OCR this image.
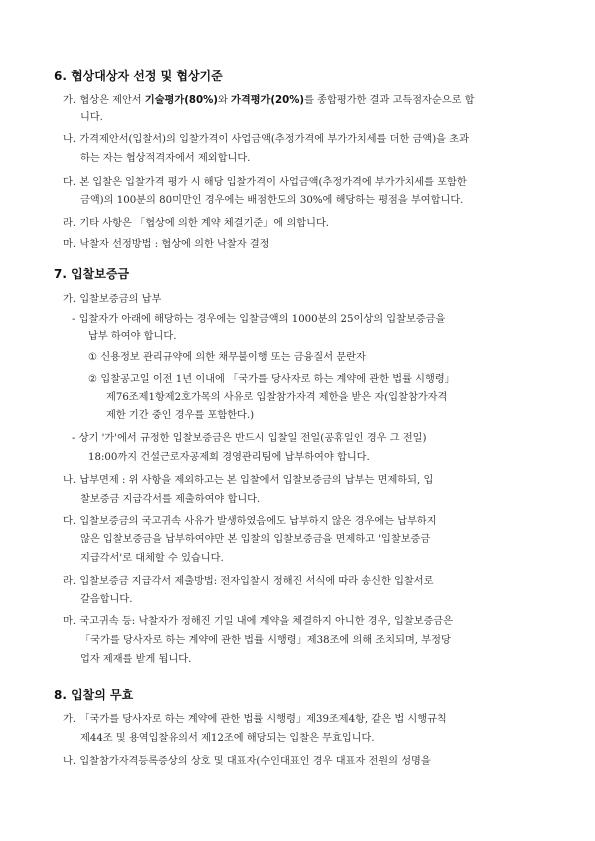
6. 협상대상자 선정 및 협상기준
가. 협상은 제안서 기술평가(80%)와 가격평가(20%)를 종합평가한 결과 고득점자순으로 합
니다.
나. 가격제안서(입찰서)의 입찰가격이 사업금액(추정가격에 부가가치세를 더한 금액)을 초과
하는 자는 협상적격자에서 제외합니다.
다. 본 입찰은 입찰가격 평가 시 해당 입찰가격이 사업금액(추정가격에 부가가치세를 포함한
금액)의 100분의 80미만인 경우에는 배점한도의 30%에 해당하는 평점을 부여합니다.
라. 기타 사항은 「협상에 의한 계약 체결기준」에 의합니다.
마. 낙찰자 선정방법 : 협상에 의한 낙찰자 결정
7. 입찰보증금
가. 입찰보증금의 납부
- 입찰자가 아래에 해당하는 경우에는 입찰금액의 1000분의 25이상의 입찰보증금을
납부 하여야 합니다.
① 신용정보 관리규약에 의한 채무불이행 또는 금융질서 문란자
② 입찰공고일 이전 1년 이내에 「국가를 당사자로 하는 계약에 관한 법률 시행령」
제76조제1항제2호가목의 사유로 입찰참가자격 제한을 받은 자(입찰참가자격
제한 기간 중인 경우를 포함한다.)
- 상기 '가'에서 규정한 입찰보증금은 반드시 입찰일 전일(공휴일인 경우 그 전일)
18:00까지 건설근로자공제회 경영관리팀에 납부하여야 합니다.
나. 납부면제 : 위 사항을 제외하고는 본 입찰에서 입찰보증금의 납부는 면제하되, 입
찰보증금 지급각서를 제출하여야 합니다.
다. 입찰보증금의 국고귀속 사유가 발생하였음에도 납부하지 않은 경우에는 납부하지
않은 입찰보증금을 납부하여야만 본 입찰의 입찰보증금을 면제하고 '입찰보증금
지급각서'로 대체할 수 있습니다.
라. 입찰보증금 지급각서 제출방법: 전자입찰시 정해진 서식에 따라 송신한 입찰서로
갈음합니다.
마. 국고귀속 등: 낙찰자가 정해진 기일 내에 계약을 체결하지 아니한 경우, 입찰보증금은
「국가를 당사자로 하는 계약에 관한 법률 시행령」제38조에 의해 조치되며, 부정당
업자 제재를 받게 됩니다.
8. 입찰의 무효
가. 「국가를 당사자로 하는 계약에 관한 법률 시행령」제39조제4항, 같은 법 시행규칙
제44조 및 용역입찰유의서 제12조에 해당되는 입찰은 무효입니다.
나. 입찰참가자격등록증상의 상호 및 대표자(수인대표인 경우 대표자 전원의 성명을
